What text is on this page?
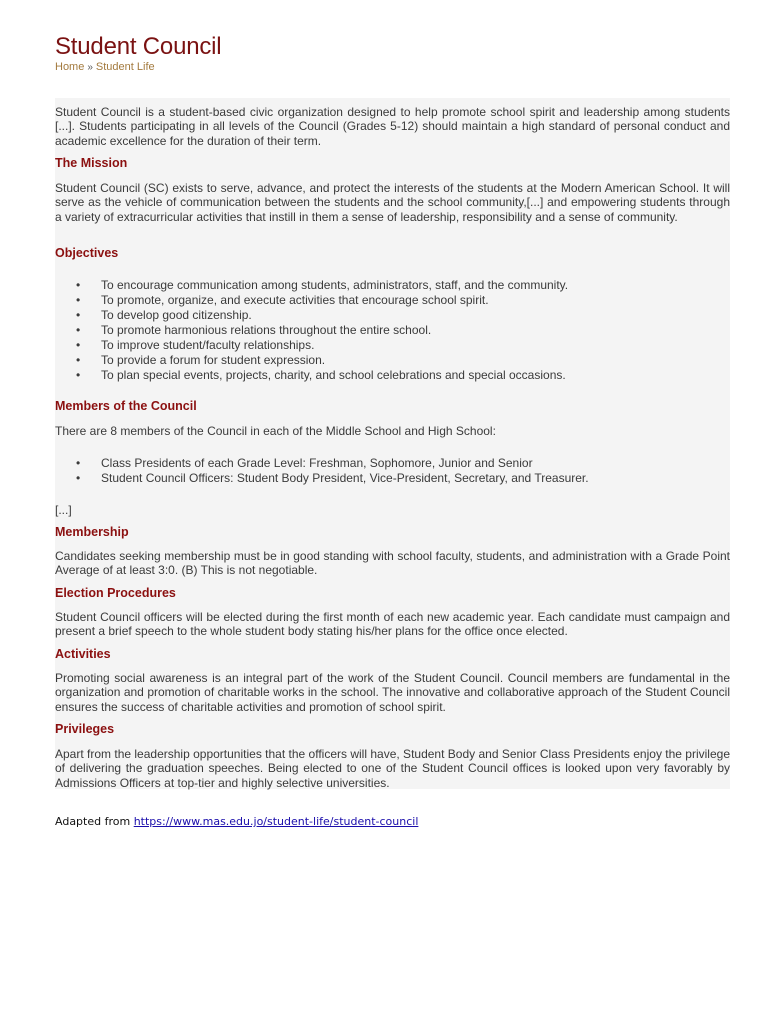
Student Council
Home » Student Life
Student Council is a student-based civic organization designed to help promote school spirit and leadership among students [...]. Students participating in all levels of the Council (Grades 5-12) should maintain a high standard of personal conduct and academic excellence for the duration of their term.
The Mission
Student Council (SC) exists to serve, advance, and protect the interests of the students at the Modern American School. It will serve as the vehicle of communication between the students and the school community,[...] and empowering students through a variety of extracurricular activities that instill in them a sense of leadership, responsibility and a sense of community.
Objectives
• To encourage communication among students, administrators, staff, and the community.
• To promote, organize, and execute activities that encourage school spirit.
• To develop good citizenship.
• To promote harmonious relations throughout the entire school.
• To improve student/faculty relationships.
• To provide a forum for student expression.
• To plan special events, projects, charity, and school celebrations and special occasions.
Members of the Council
There are 8 members of the Council in each of the Middle School and High School:
• Class Presidents of each Grade Level: Freshman, Sophomore, Junior and Senior
• Student Council Officers: Student Body President, Vice-President, Secretary, and Treasurer.
[...]
Membership
Candidates seeking membership must be in good standing with school faculty, students, and administration with a Grade Point Average of at least 3:0. (B) This is not negotiable.
Election Procedures
Student Council officers will be elected during the first month of each new academic year. Each candidate must campaign and present a brief speech to the whole student body stating his/her plans for the office once elected.
Activities
Promoting social awareness is an integral part of the work of the Student Council. Council members are fundamental in the organization and promotion of charitable works in the school. The innovative and collaborative approach of the Student Council ensures the success of charitable activities and promotion of school spirit.
Privileges
Apart from the leadership opportunities that the officers will have, Student Body and Senior Class Presidents enjoy the privilege of delivering the graduation speeches. Being elected to one of the Student Council offices is looked upon very favorably by Admissions Officers at top-tier and highly selective universities.
Adapted from https://www.mas.edu.jo/student-life/student-council
